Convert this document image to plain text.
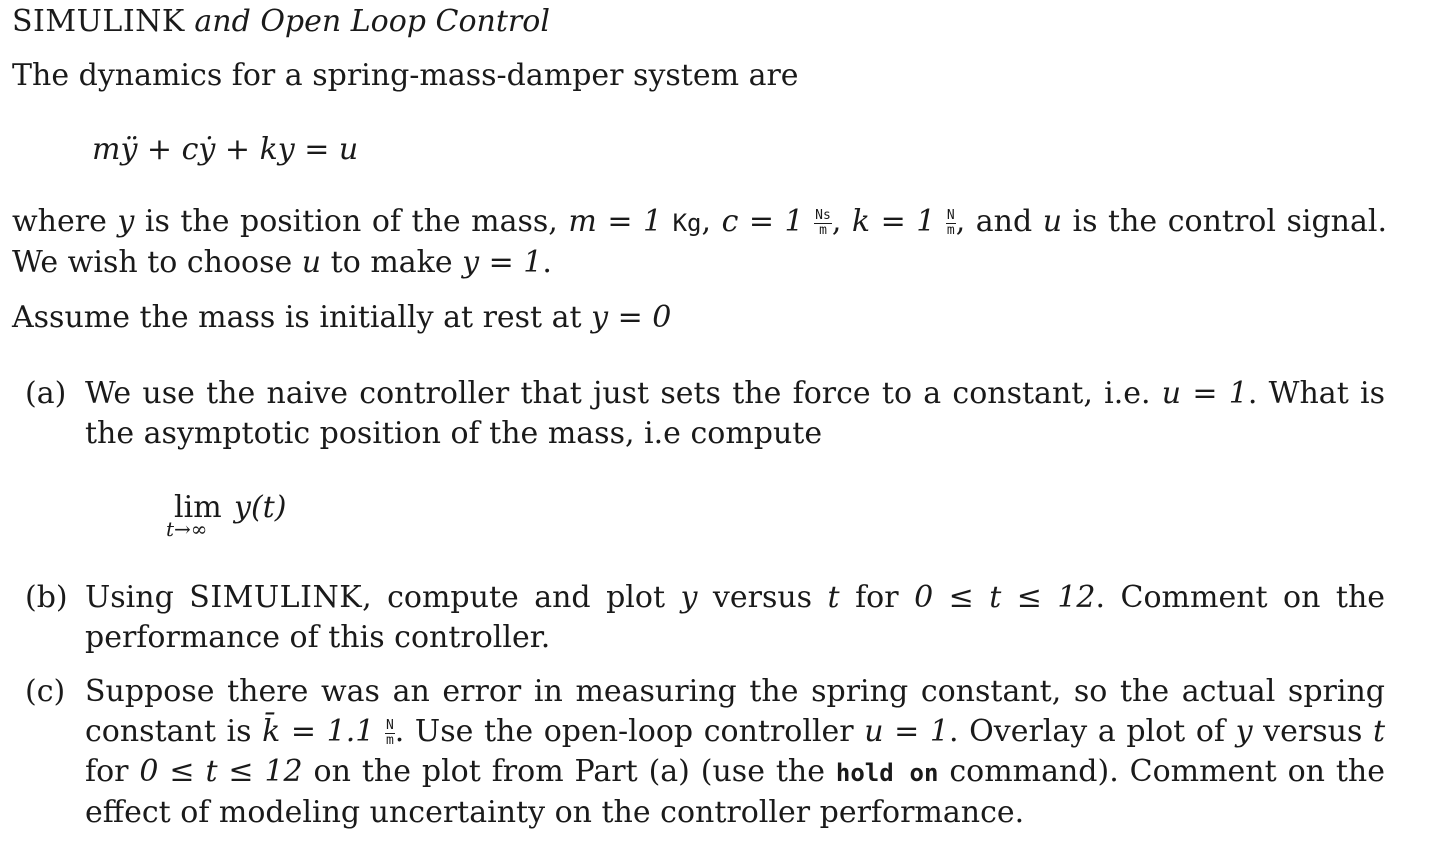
SIMULINK and Open Loop Control
The dynamics for a spring-mass-damper system are
mÿ + cẏ + ky = u
where y is the position of the mass, m = 1 Kg, $c = 1 \frac{Ns}{m}$ , $k = 1 \frac{N}{m}$ , and u is the control signal. We wish to choose u to make y = 1.
Assume the mass is initially at rest at y = 0
(a) We use the naive controller that just sets the force to a constant, i.e. u = 1. What is the asymptotic position of the mass, i.e compute
lim
t→∞
y(t)
(b) Using SIMULINK, compute and plot y versus t for 0 ≤ t ≤ 12. Comment on the performance of this controller.
(c) Suppose there was an error in measuring the spring constant, so the actual spring constant is k̄ = $1.1 \frac{N}{m}$ . Use the open-loop controller u = 1. Overlay a plot of y versus t for 0 ≤ t ≤ 12 on the plot from Part (a) (use the hold on command). Comment on the effect of modeling uncertainty on the controller performance.
